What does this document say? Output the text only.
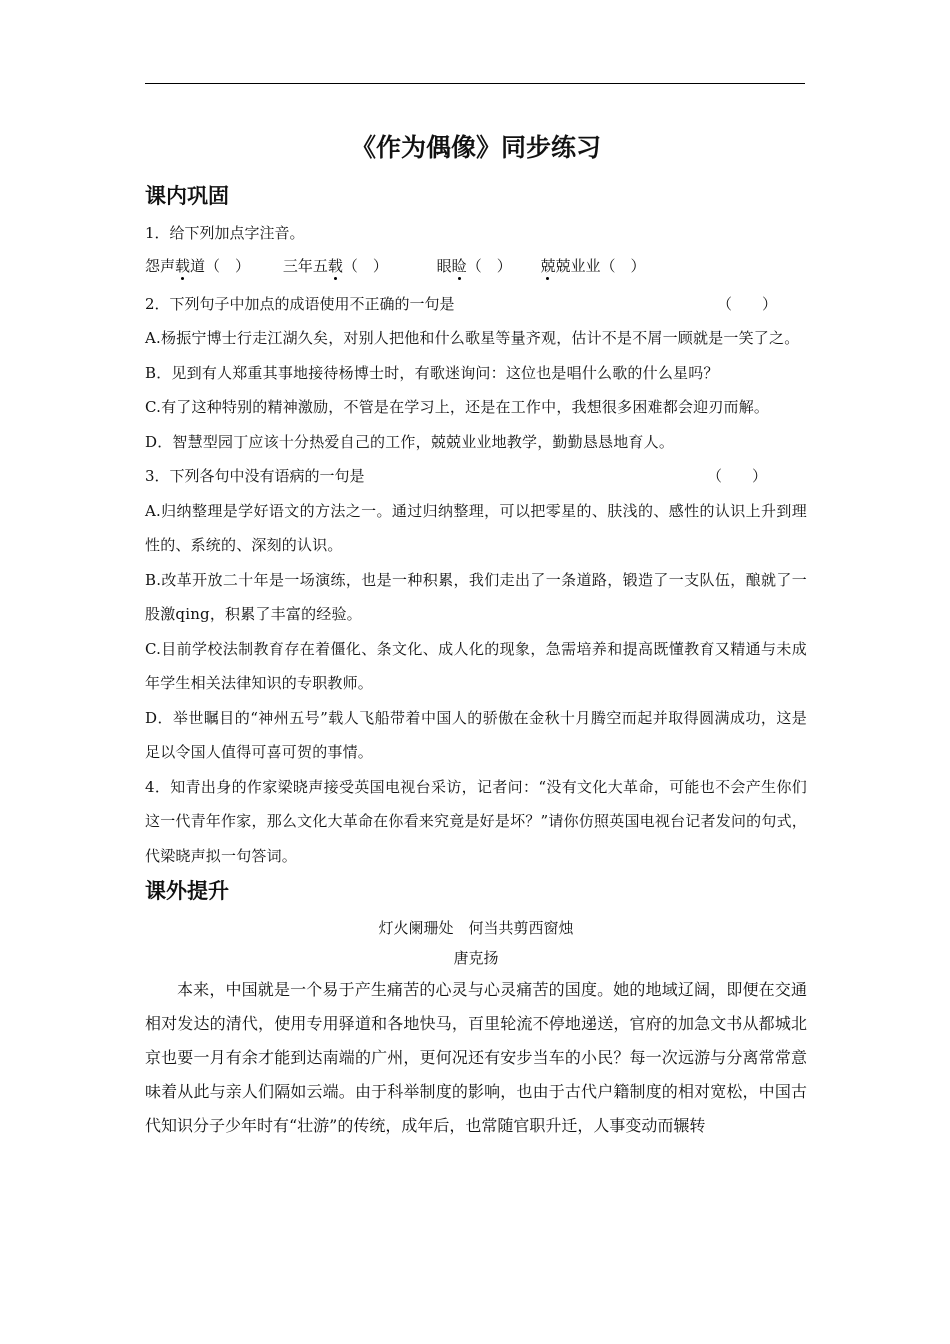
《作为偶像》同步练习
课内巩固
1．给下列加点字注音。
怨声载道（　） 三年五载（　）	眼睑（　） 兢兢业业（　）
2．下列句子中加点的成语使用不正确的一句是	（　　）
A.杨振宁博士行走江湖久矣，对别人把他和什么歌星等量齐观，估计不是不屑一顾就是一笑了之。
B．见到有人郑重其事地接待杨博士时，有歌迷询问：这位也是唱什么歌的什么星吗？
C.有了这种特别的精神激励，不管是在学习上，还是在工作中，我想很多困难都会迎刃而解。
D．智慧型园丁应该十分热爱自己的工作，兢兢业业地教学，勤勤恳恳地育人。
3．下列各句中没有语病的一句是	（　　）
A.归纳整理是学好语文的方法之一。通过归纳整理，可以把零星的、肤浅的、感性的认识上升到理性的、系统的、深刻的认识。
B.改革开放二十年是一场演练，也是一种积累，我们走出了一条道路，锻造了一支队伍，酿就了一股激qing，积累了丰富的经验。
C.目前学校法制教育存在着僵化、条文化、成人化的现象，急需培养和提高既懂教育又精通与未成年学生相关法律知识的专职教师。
D．举世瞩目的“神州五号”载人飞船带着中国人的骄傲在金秋十月腾空而起并取得圆满成功，这是足以令国人值得可喜可贺的事情。
4．知青出身的作家梁晓声接受英国电视台采访，记者问：“没有文化大革命，可能也不会产生你们这一代青年作家，那么文化大革命在你看来究竟是好是坏？”请你仿照英国电视台记者发问的句式，代梁晓声拟一句答词。
课外提升
灯火阑珊处　何当共剪西窗烛
唐克扬
本来，中国就是一个易于产生痛苦的心灵与心灵痛苦的国度。她的地域辽阔，即便在交通相对发达的清代，使用专用驿道和各地快马，百里轮流不停地递送，官府的加急文书从都城北京也要一月有余才能到达南端的广州，更何况还有安步当车的小民？每一次远游与分离常常意味着从此与亲人们隔如云端。由于科举制度的影响，也由于古代户籍制度的相对宽松，中国古代知识分子少年时有“壮游”的传统，成年后，也常随官职升迁，人事变动而辗转
